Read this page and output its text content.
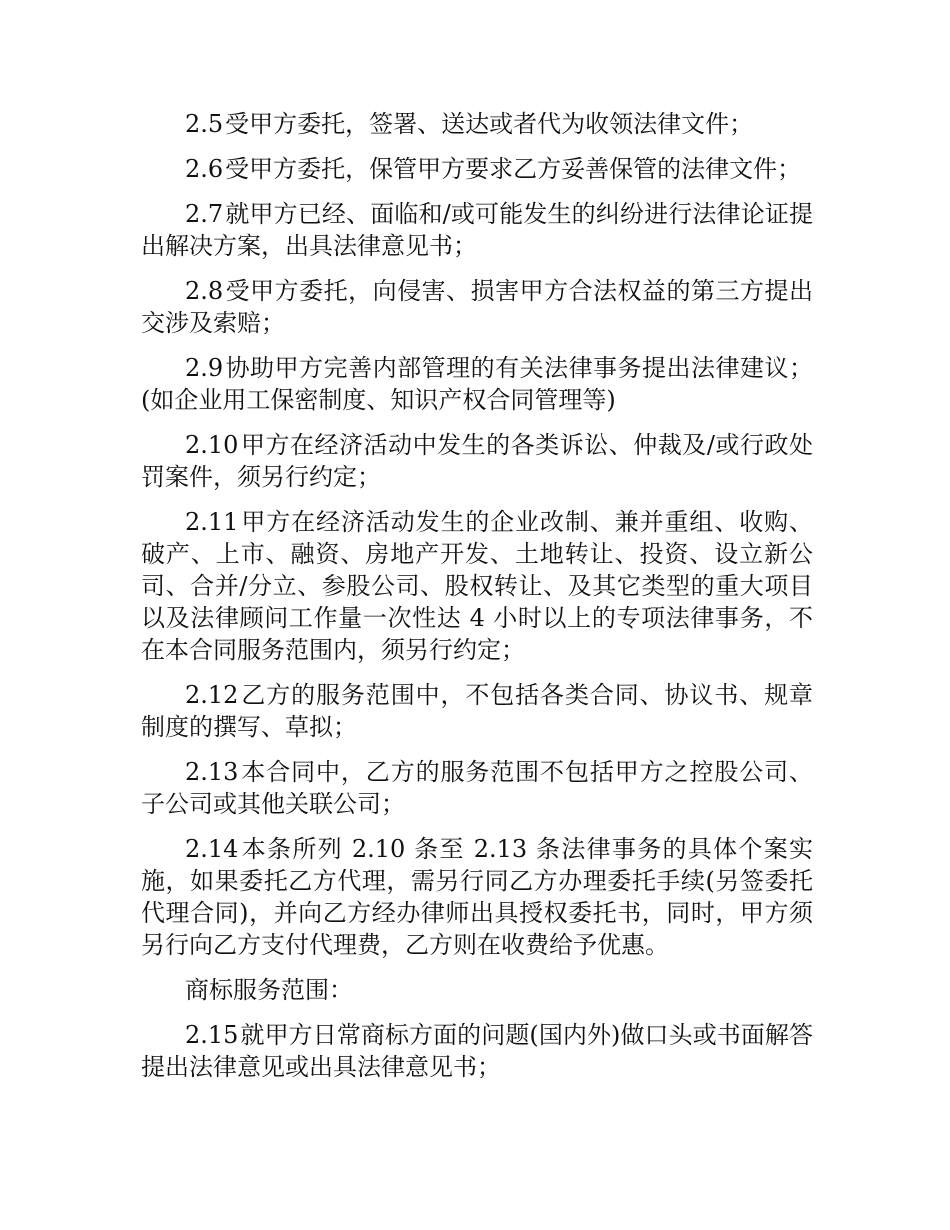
2.5受甲方委托，签署、送达或者代为收领法律文件；

2.6受甲方委托，保管甲方要求乙方妥善保管的法律文件；

2.7就甲方已经、面临和/或可能发生的纠纷进行法律论证提出解决方案，出具法律意见书；

2.8受甲方委托，向侵害、损害甲方合法权益的第三方提出交涉及索赔；

2.9协助甲方完善内部管理的有关法律事务提出法律建议；(如企业用工保密制度、知识产权合同管理等)

2.10甲方在经济活动中发生的各类诉讼、仲裁及/或行政处罚案件，须另行约定；

2.11甲方在经济活动发生的企业改制、兼并重组、收购、破产、上市、融资、房地产开发、土地转让、投资、设立新公司、合并/分立、参股公司、股权转让、及其它类型的重大项目以及法律顾问工作量一次性达 4 小时以上的专项法律事务，不在本合同服务范围内，须另行约定；

2.12乙方的服务范围中，不包括各类合同、协议书、规章制度的撰写、草拟；

2.13本合同中，乙方的服务范围不包括甲方之控股公司、子公司或其他关联公司；

2.14本条所列 2.10 条至 2.13 条法律事务的具体个案实施，如果委托乙方代理，需另行同乙方办理委托手续(另签委托代理合同)，并向乙方经办律师出具授权委托书，同时，甲方须另行向乙方支付代理费，乙方则在收费给予优惠。

商标服务范围：

2.15就甲方日常商标方面的问题(国内外)做口头或书面解答提出法律意见或出具法律意见书；
